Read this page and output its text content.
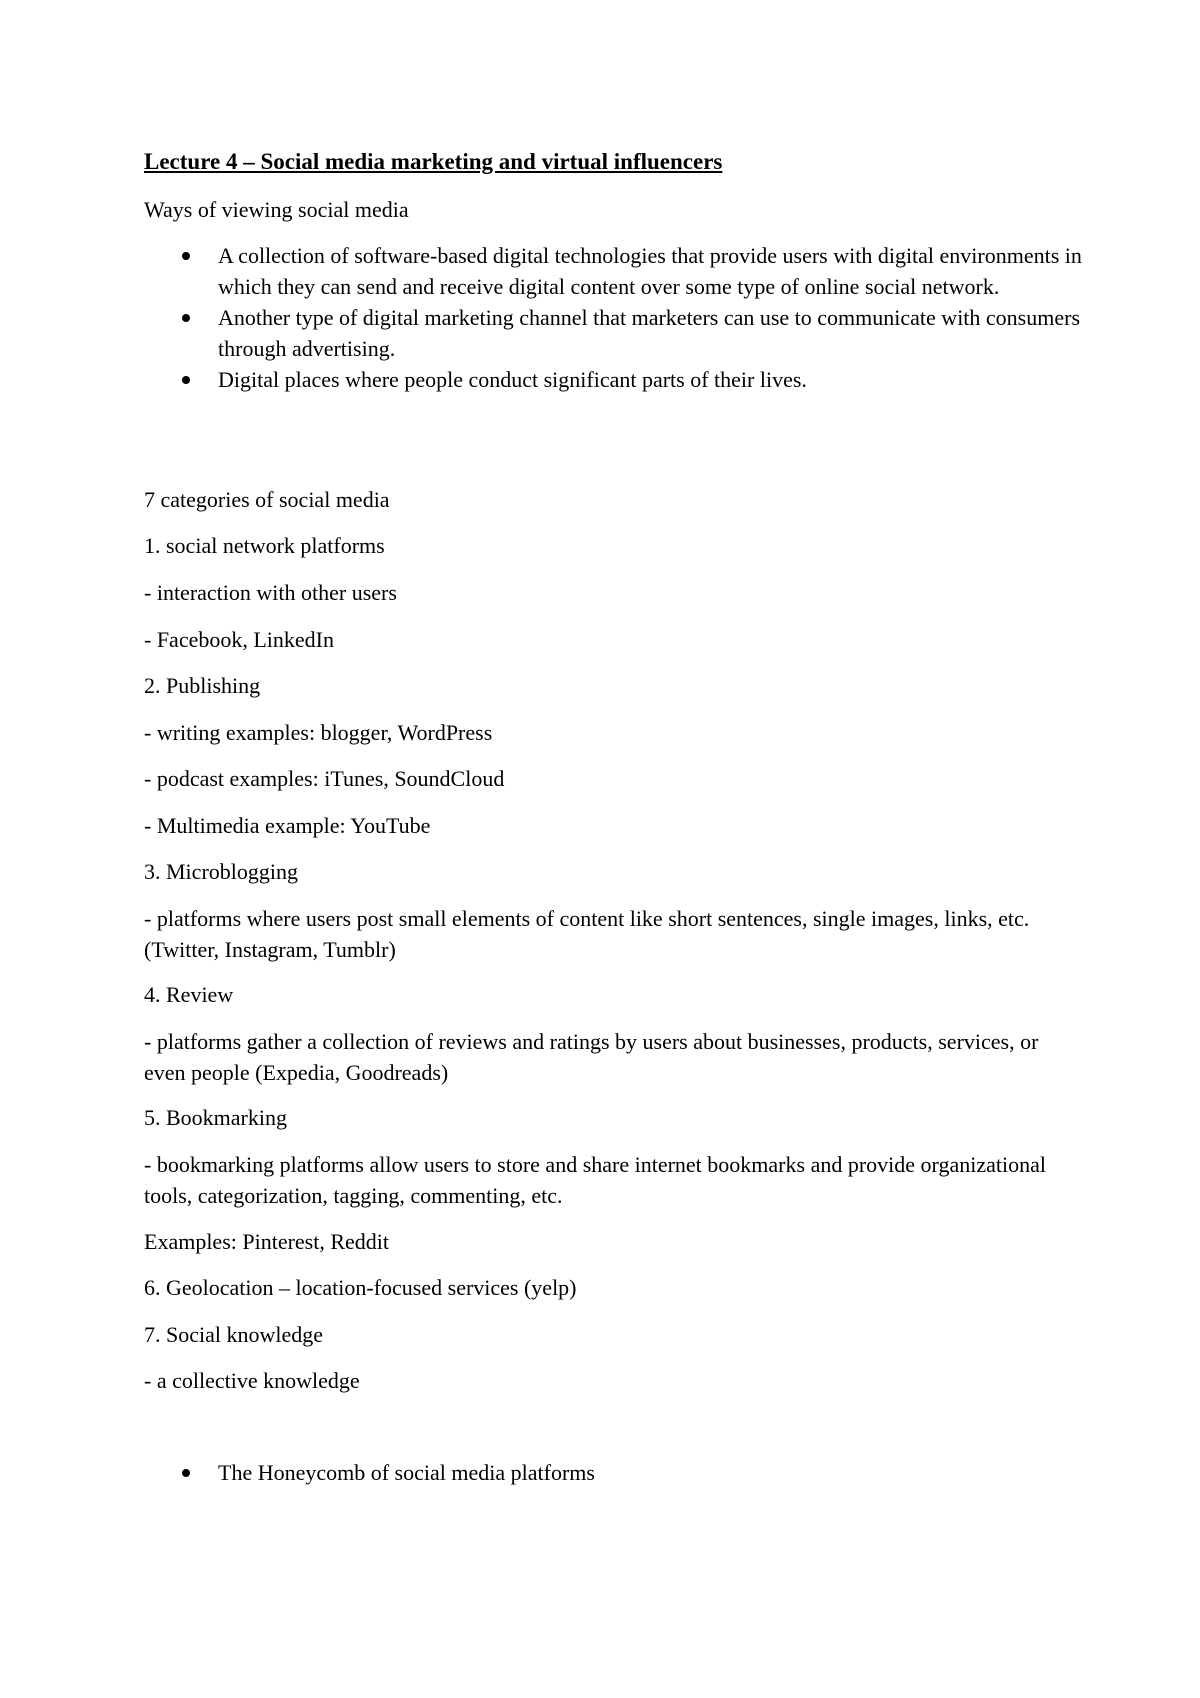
Lecture 4 – Social media marketing and virtual influencers
Ways of viewing social media
A collection of software-based digital technologies that provide users with digital environments in which they can send and receive digital content over some type of online social network.
Another type of digital marketing channel that marketers can use to communicate with consumers through advertising.
Digital places where people conduct significant parts of their lives.
7 categories of social media
1. social network platforms
- interaction with other users
- Facebook, LinkedIn
2. Publishing
- writing examples: blogger, WordPress
- podcast examples: iTunes, SoundCloud
- Multimedia example: YouTube
3. Microblogging
- platforms where users post small elements of content like short sentences, single images, links, etc. (Twitter, Instagram, Tumblr)
4. Review
- platforms gather a collection of reviews and ratings by users about businesses, products, services, or even people (Expedia, Goodreads)
5. Bookmarking
- bookmarking platforms allow users to store and share internet bookmarks and provide organizational tools, categorization, tagging, commenting, etc.
Examples: Pinterest, Reddit
6. Geolocation – location-focused services (yelp)
7. Social knowledge
- a collective knowledge
The Honeycomb of social media platforms
